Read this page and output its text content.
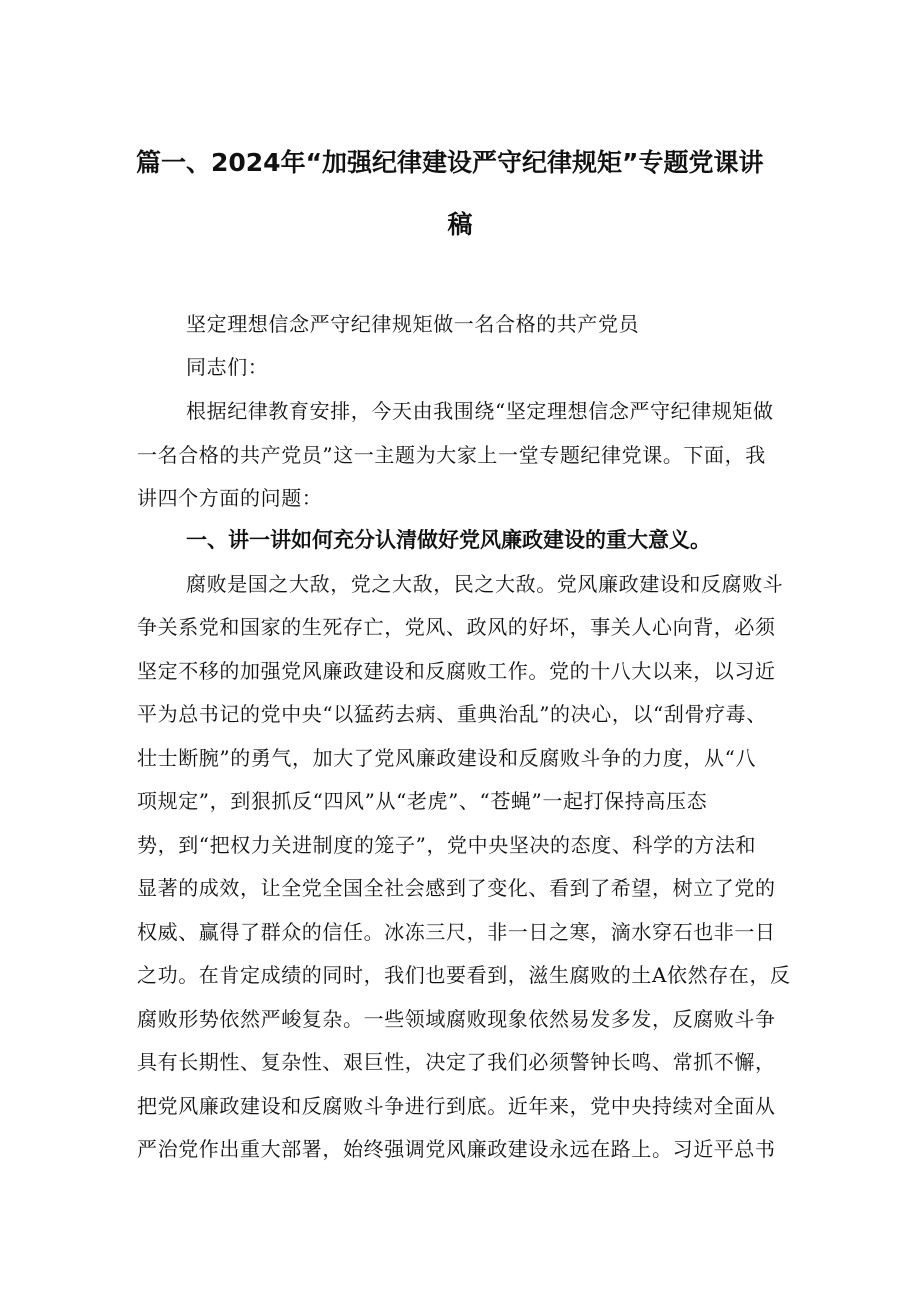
篇一、2024年“加强纪律建设严守纪律规矩”专题党课讲
稿
坚定理想信念严守纪律规矩做一名合格的共产党员
同志们：
根据纪律教育安排，今天由我围绕“坚定理想信念严守纪律规矩做
一名合格的共产党员”这一主题为大家上一堂专题纪律党课。下面，我
讲四个方面的问题：
一、讲一讲如何充分认清做好党风廉政建设的重大意义。
腐败是国之大敌，党之大敌，民之大敌。党风廉政建设和反腐败斗
争关系党和国家的生死存亡，党风、政风的好坏，事关人心向背，必须
坚定不移的加强党风廉政建设和反腐败工作。党的十八大以来，以习近
平为总书记的党中央“以猛药去病、重典治乱”的决心，以“刮骨疗毒、
壮士断腕”的勇气，加大了党风廉政建设和反腐败斗争的力度，从“八
项规定”，到狠抓反“四风”从“老虎”、“苍蝇”一起打保持高压态
势，到“把权力关进制度的笼子”，党中央坚决的态度、科学的方法和
显著的成效，让全党全国全社会感到了变化、看到了希望，树立了党的
权威、赢得了群众的信任。冰冻三尺，非一日之寒，滴水穿石也非一日
之功。在肯定成绩的同时，我们也要看到，滋生腐败的土A依然存在，反
腐败形势依然严峻复杂。一些领域腐败现象依然易发多发，反腐败斗争
具有长期性、复杂性、艰巨性，决定了我们必须警钟长鸣、常抓不懈，
把党风廉政建设和反腐败斗争进行到底。近年来，党中央持续对全面从
严治党作出重大部署，始终强调党风廉政建设永远在路上。习近平总书
